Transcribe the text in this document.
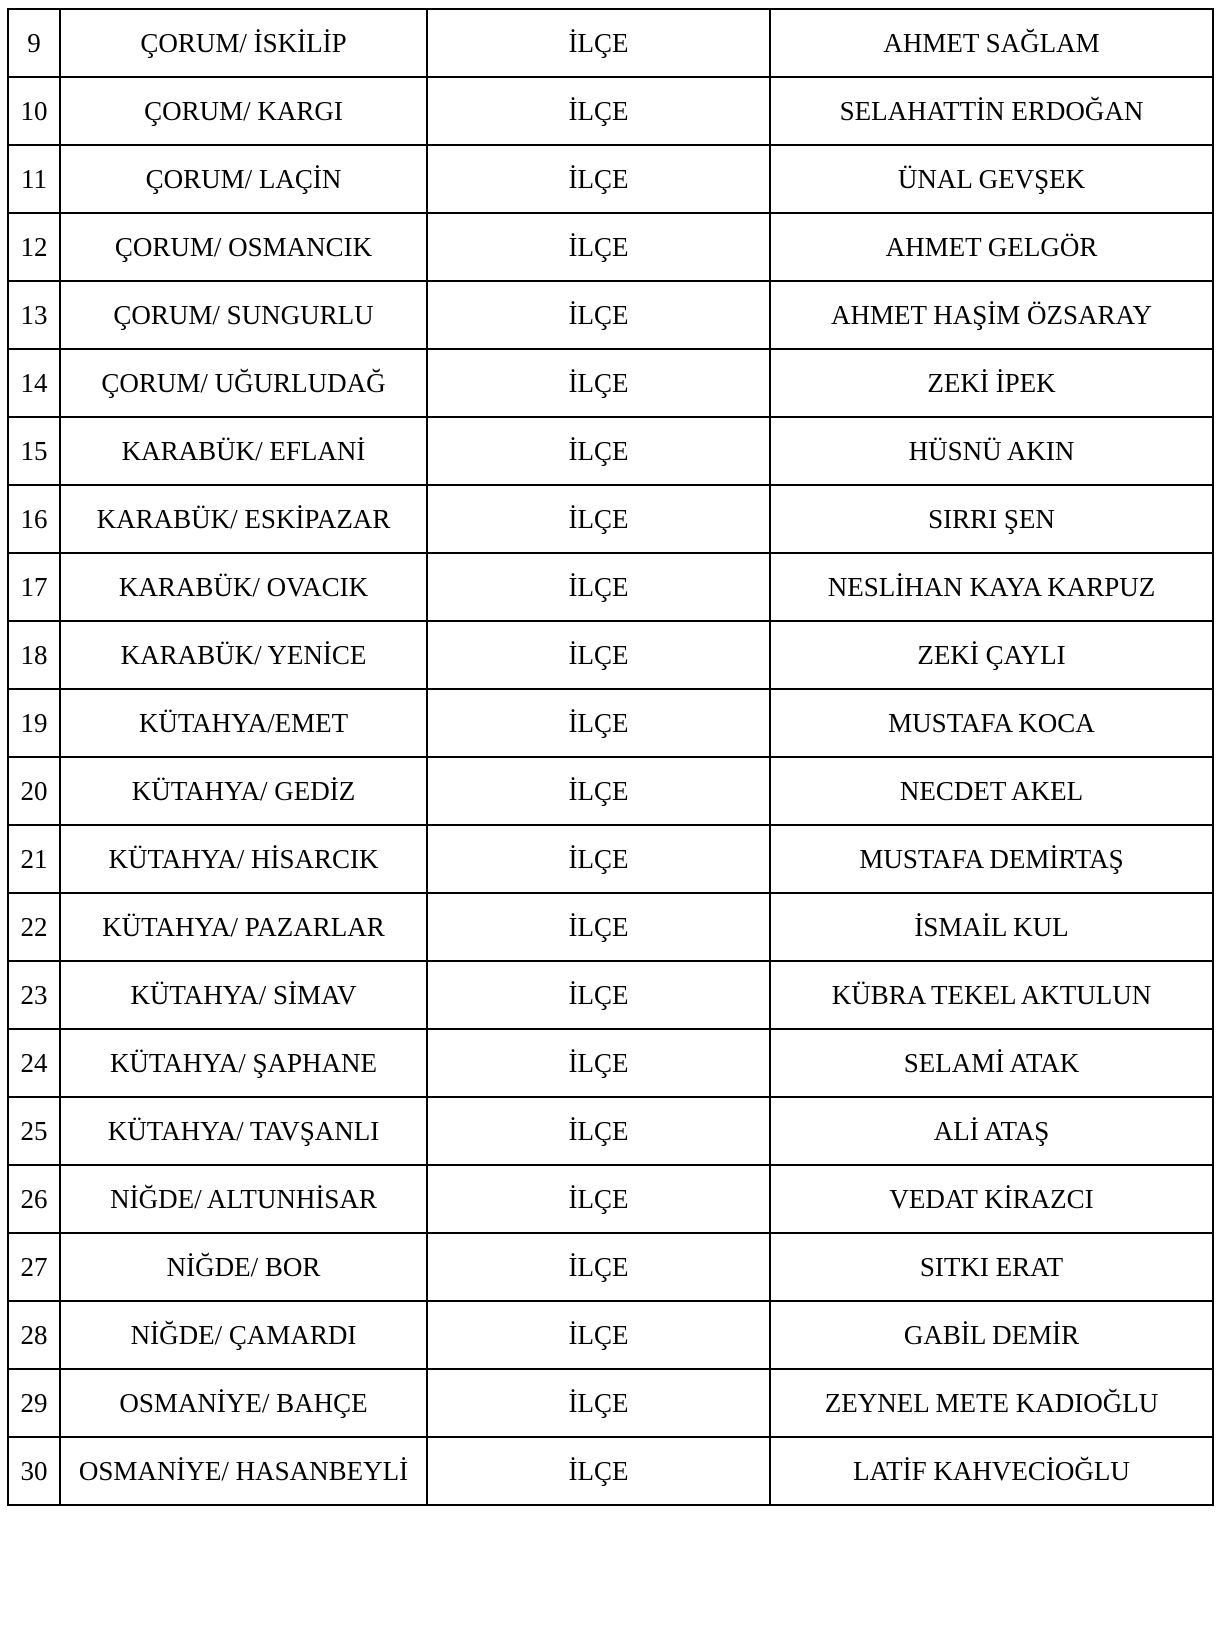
9	ÇORUM/ İSKİLİP	İLÇE	AHMET SAĞLAM
10	ÇORUM/ KARGI	İLÇE	SELAHATTİN ERDOĞAN
11	ÇORUM/ LAÇİN	İLÇE	ÜNAL GEVŞEK
12	ÇORUM/ OSMANCIK	İLÇE	AHMET GELGÖR
13	ÇORUM/ SUNGURLU	İLÇE	AHMET HAŞİM ÖZSARAY
14	ÇORUM/ UĞURLUDAĞ	İLÇE	ZEKİ İPEK
15	KARABÜK/ EFLANİ	İLÇE	HÜSNÜ AKIN
16	KARABÜK/ ESKİPAZAR	İLÇE	SIRRI ŞEN
17	KARABÜK/ OVACIK	İLÇE	NESLİHAN KAYA KARPUZ
18	KARABÜK/ YENİCE	İLÇE	ZEKİ ÇAYLI
19	KÜTAHYA/EMET	İLÇE	MUSTAFA KOCA
20	KÜTAHYA/ GEDİZ	İLÇE	NECDET AKEL
21	KÜTAHYA/ HİSARCIK	İLÇE	MUSTAFA DEMİRTAŞ
22	KÜTAHYA/ PAZARLAR	İLÇE	İSMAİL KUL
23	KÜTAHYA/ SİMAV	İLÇE	KÜBRA TEKEL AKTULUN
24	KÜTAHYA/ ŞAPHANE	İLÇE	SELAMİ ATAK
25	KÜTAHYA/ TAVŞANLI	İLÇE	ALİ ATAŞ
26	NİĞDE/ ALTUNHİSAR	İLÇE	VEDAT KİRAZCI
27	NİĞDE/ BOR	İLÇE	SITKI ERAT
28	NİĞDE/ ÇAMARDI	İLÇE	GABİL DEMİR
29	OSMANİYE/ BAHÇE	İLÇE	ZEYNEL METE KADIOĞLU
30	OSMANİYE/ HASANBEYLİ	İLÇE	LATİF KAHVECİOĞLU
